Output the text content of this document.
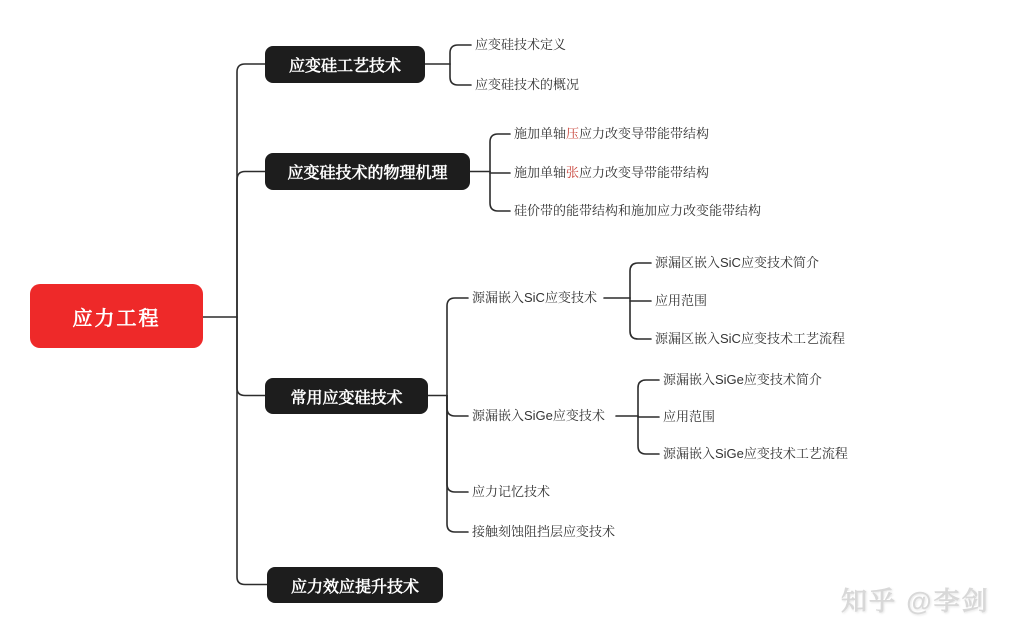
应力工程
应变硅工艺技术
应变硅技术的物理机理
常用应变硅技术
应力效应提升技术
应变硅技术定义
应变硅技术的概况
施加单轴压应力改变导带能带结构
施加单轴张应力改变导带能带结构
硅价带的能带结构和施加应力改变能带结构
源漏嵌入SiC应变技术
源漏嵌入SiGe应变技术
应力记忆技术
接触刻蚀阻挡层应变技术
源漏区嵌入SiC应变技术简介
应用范围
源漏区嵌入SiC应变技术工艺流程
源漏嵌入SiGe应变技术简介
应用范围
源漏嵌入SiGe应变技术工艺流程
知乎 @李剑
